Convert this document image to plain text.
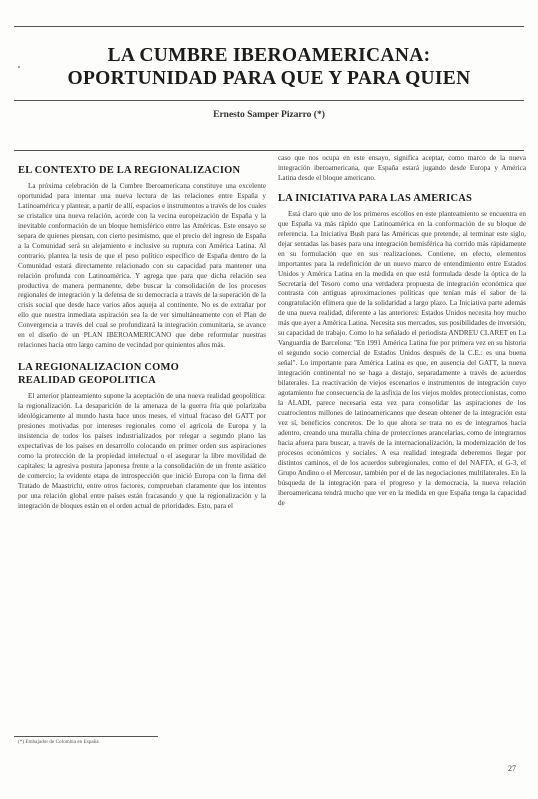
LA CUMBRE IBEROAMERICANA:
OPORTUNIDAD PARA QUE Y PARA QUIEN
Ernesto Samper Pizarro (*)
EL CONTEXTO DE LA REGIONALIZACION

La próxima celebración de la Cumbre Iberoamericana constituye una excelente oportunidad para intentar una nueva lectura de las relaciones entre España y Latinoamérica y plantear, a partir de allí, espacios e instrumentos a través de los cuales se cristalice una nueva relación, acorde con la vecina europeización de España y la inevitable conformación de un bloque hemisférico entre las Américas. Este ensayo se separa de quienes piensan, con cierto pesimismo, que el precio del ingreso de España a la Comunidad será su alejamiento e inclusive su ruptura con América Latina. Al contrario, plantea la tesis de que el peso político específico de España dentro de la Comunidad estará directamente relacionado con su capacidad para mantener una relación profunda con Latinoamérica. Y agrega que para que dicha relación sea productiva de manera permanente, debe buscar la consolidación de los procesos regionales de integración y la defensa de su democracia a través de la superación de la crisis social que desde hace varios años aqueja al continente. No es de extrañar por ello que nuestra inmediata aspiración sea la de ver simultáneamente con el Plan de Convergencia a través del cual se profundizará la integración comunitaria, se avance en el diseño de un PLAN IBEROAMERICANO que debe reformular nuestras relaciones hacia otro largo camino de vecindad por quinientos años más.

LA REGIONALIZACION COMO
REALIDAD GEOPOLITICA

El anterior planteamiento supone la aceptación de una nueva realidad geopolítica: la regionalización. La desaparición de la amenaza de la guerra fría que polarizaba ideológicamente al mundo hasta hace unos meses, el virtual fracaso del GATT por presiones motivadas por intereses regionales como el agrícola de Europa y la insistencia de todos los países industrializados por relegar a segundo plano las expectativas de los países en desarrollo colocando en primer orden sus aspiraciones como la protección de la propiedad intelectual o el asegurar la libre movilidad de capitales; la agresiva postura japonesa frente a la consolidación de un frente asiático de comercio; la evidente etapa de introspección que inició Europa con la firma del Tratado de Maastricht, entre otros factores, comprueban claramente que los intentos por una relación global entre países están fracasando y que la regionalización y la integración de bloques están en el orden actual de prioridades. Esto, para el

caso que nos ocupa en este ensayo, significa aceptar, como marco de la nueva integración iberoamericana, que España estará jugando desde Europa y América Latina desde el bloque americano.

LA INICIATIVA PARA LAS AMERICAS

Está claro que uno de los primeros escollos en este planteamiento se encuentra en que España va más rápido que Latinoamérica en la conformación de su bloque de referencia. La Iniciativa Bush para las Américas que pretende, al terminar este siglo, dejar sentadas las bases para una integración hemisférica ha corrido más rápidamente en su formulación que en sus realizaciones. Contiene, en efecto, elementos importantes para la redefinición de un nuevo marco de entendimiento entre Estados Unidos y América Latina en la medida en que está formulada desde la óptica de la Secretaría del Tesoro como una verdadera propuesta de integración económica que contrasta con antiguas aproximaciones políticas que tenían más el sabor de la congratulación efímera que de la solidaridad a largo plazo. La Iniciativa parte además de una nueva realidad, diferente a las anteriores: Estados Unidos necesita hoy mucho más que ayer a América Latina. Necesita sus mercados, sus posibilidades de inversión, su capacidad de trabajo. Como lo ha señalado el periodista ANDREU CLARET en La Vanguardia de Barcelona: "En 1991 América Latina fue por primera vez en su historia el segundo socio comercial de Estados Unidos después de la C.E.: es una buena señal". Lo importante para América Latina es que, en ausencia del GATT, la nueva integración continental no se haga a destajo, separadamente a través de acuerdos bilaterales. La reactivación de viejos escenarios e instrumentos de integración cuyo agotamiento fue consecuencia de la asfixia de los viejos moldes proteccionistas, como la ALADI, parece necesaria esta vez para consolidar las aspiraciones de los cuatrocientos millones de latinoamericanos que desean obtener de la integración esta vez sí, beneficios concretos. De lo que ahora se trata no es de integrarnos hacia adentro, creando una muralla china de protecciones arancelarias, como de integrarnos hacia afuera para buscar, a través de la internacionalización, la modernización de los procesos económicos y sociales. A esa realidad integrada deberemos llegar por distintos caminos, el de los acuerdos subregionales, como el del NAFTA, el G-3, el Grupo Andino o el Mercosur, también por el de las negociaciones multilaterales. En la búsqueda de la integración para el progreso y la democracia, la nueva relación iberoamericana tendrá mucho que ver en la medida en que España tenga la capacidad de

(*) Embajador de Colombia en España
27
